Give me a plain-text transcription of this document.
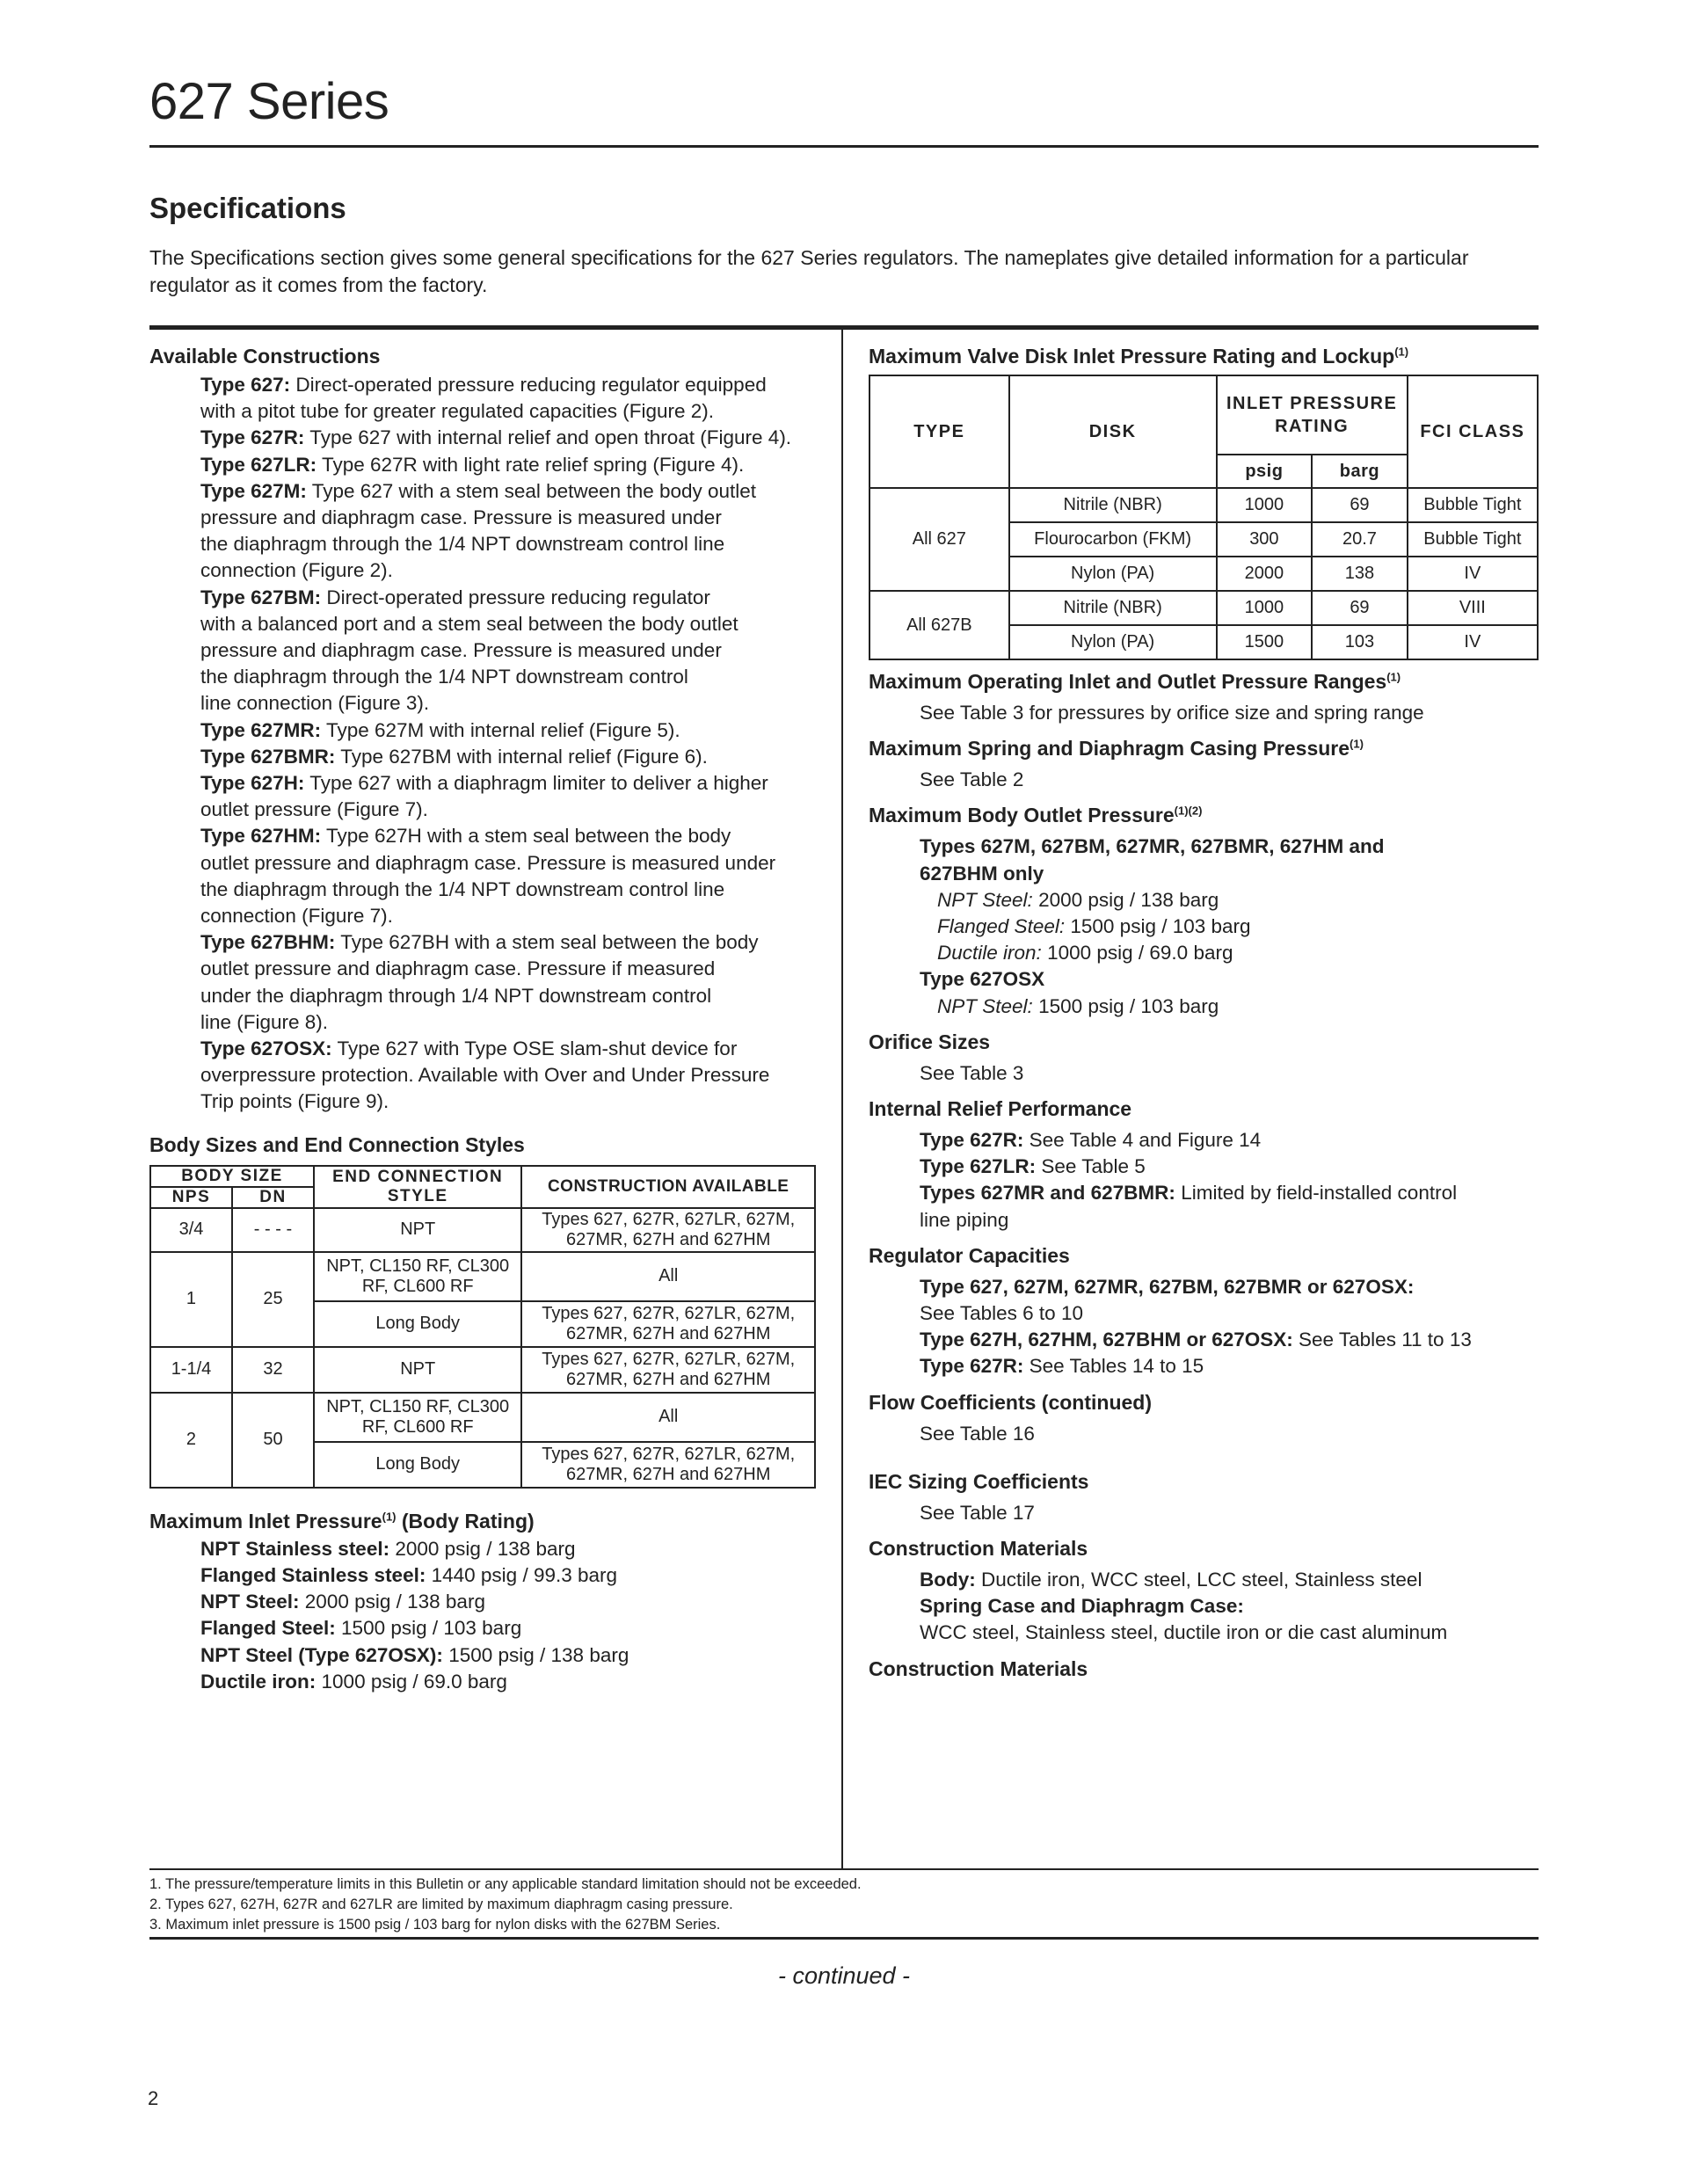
627 Series
Specifications
The Specifications section gives some general specifications for the 627 Series regulators. The nameplates give detailed information for a particular regulator as it comes from the factory.

Available Constructions

Type 627: Direct-operated pressure reducing regulator equipped
with a pitot tube for greater regulated capacities (Figure 2).
Type 627R: Type 627 with internal relief and open throat (Figure 4).
Type 627LR: Type 627R with light rate relief spring (Figure 4).
Type 627M: Type 627 with a stem seal between the body outlet
pressure and diaphragm case. Pressure is measured under
the diaphragm through the 1/4 NPT downstream control line
connection (Figure 2).
Type 627BM: Direct-operated pressure reducing regulator
with a balanced port and a stem seal between the body outlet
pressure and diaphragm case. Pressure is measured under
the diaphragm through the 1/4 NPT downstream control
line connection (Figure 3).
Type 627MR: Type 627M with internal relief (Figure 5).
Type 627BMR: Type 627BM with internal relief (Figure 6).
Type 627H: Type 627 with a diaphragm limiter to deliver a higher
outlet pressure (Figure 7).
Type 627HM: Type 627H with a stem seal between the body
outlet pressure and diaphragm case. Pressure is measured under
the diaphragm through the 1/4 NPT downstream control line
connection (Figure 7).
Type 627BHM: Type 627BH with a stem seal between the body
outlet pressure and diaphragm case. Pressure if measured
under the diaphragm through 1/4 NPT downstream control
line (Figure 8).
Type 627OSX: Type 627 with Type OSE slam-shut device for
overpressure protection. Available with Over and Under Pressure
Trip points (Figure 9).

Body Sizes and End Connection Styles

BODY SIZE		END CONNECTION STYLE	CONSTRUCTION AVAILABLE
NPS	DN		
3/4	- - - -	NPT	Types 627, 627R, 627LR, 627M, 627MR, 627H and 627HM
1	25	NPT, CL150 RF, CL300 RF, CL600 RF	All
		Long Body	Types 627, 627R, 627LR, 627M, 627MR, 627H and 627HM
1-1/4	32	NPT	Types 627, 627R, 627LR, 627M, 627MR, 627H and 627HM
2	50	NPT, CL150 RF, CL300 RF, CL600 RF	All
		Long Body	Types 627, 627R, 627LR, 627M, 627MR, 627H and 627HM

Maximum Inlet Pressure$^{(1)}$ (Body Rating)

NPT Stainless steel: 2000 psig / 138 barg
Flanged Stainless steel: 1440 psig / 99.3 barg
NPT Steel: 2000 psig / 138 barg
Flanged Steel: 1500 psig / 103 barg
NPT Steel (Type 627OSX): 1500 psig / 138 barg
Ductile iron: 1000 psig / 69.0 barg

Maximum Valve Disk Inlet Pressure Rating and Lockup$^{(1)}$

TYPE	DISK	INLET PRESSURE RATING		FCI CLASS
		psig	barg	
All 627	Nitrile (NBR)	1000	69	Bubble Tight
	Flourocarbon (FKM)	300	20.7	Bubble Tight
	Nylon (PA)	2000	138	IV
All 627B	Nitrile (NBR)	1000	69	VIII
	Nylon (PA)	1500	103	IV

Maximum Operating Inlet and Outlet Pressure Ranges$^{(1)}$

See Table 3 for pressures by orifice size and spring range

Maximum Spring and Diaphragm Casing Pressure$^{(1)}$

See Table 2

Maximum Body Outlet Pressure$^{(1)(2)}$

Types 627M, 627BM, 627MR, 627BMR, 627HM and
627BHM only
NPT Steel: 2000 psig / 138 barg
Flanged Steel: 1500 psig / 103 barg
Ductile iron: 1000 psig / 69.0 barg
Type 627OSX
NPT Steel: 1500 psig / 103 barg

Orifice Sizes

See Table 3

Internal Relief Performance

Type 627R: See Table 4 and Figure 14
Type 627LR: See Table 5
Types 627MR and 627BMR: Limited by field-installed control
line piping

Regulator Capacities

Type 627, 627M, 627MR, 627BM, 627BMR or 627OSX:
See Tables 6 to 10
Type 627H, 627HM, 627BHM or 627OSX: See Tables 11 to 13
Type 627R: See Tables 14 to 15

Flow Coefficients (continued)

See Table 16

IEC Sizing Coefficients

See Table 17

Construction Materials

Body: Ductile iron, WCC steel, LCC steel, Stainless steel
Spring Case and Diaphragm Case:
WCC steel, Stainless steel, ductile iron or die cast aluminum

Construction Materials

1. The pressure/temperature limits in this Bulletin or any applicable standard limitation should not be exceeded.
2. Types 627, 627H, 627R and 627LR are limited by maximum diaphragm casing pressure.
3. Maximum inlet pressure is 1500 psig / 103 barg for nylon disks with the 627BM Series.
- continued -
2
